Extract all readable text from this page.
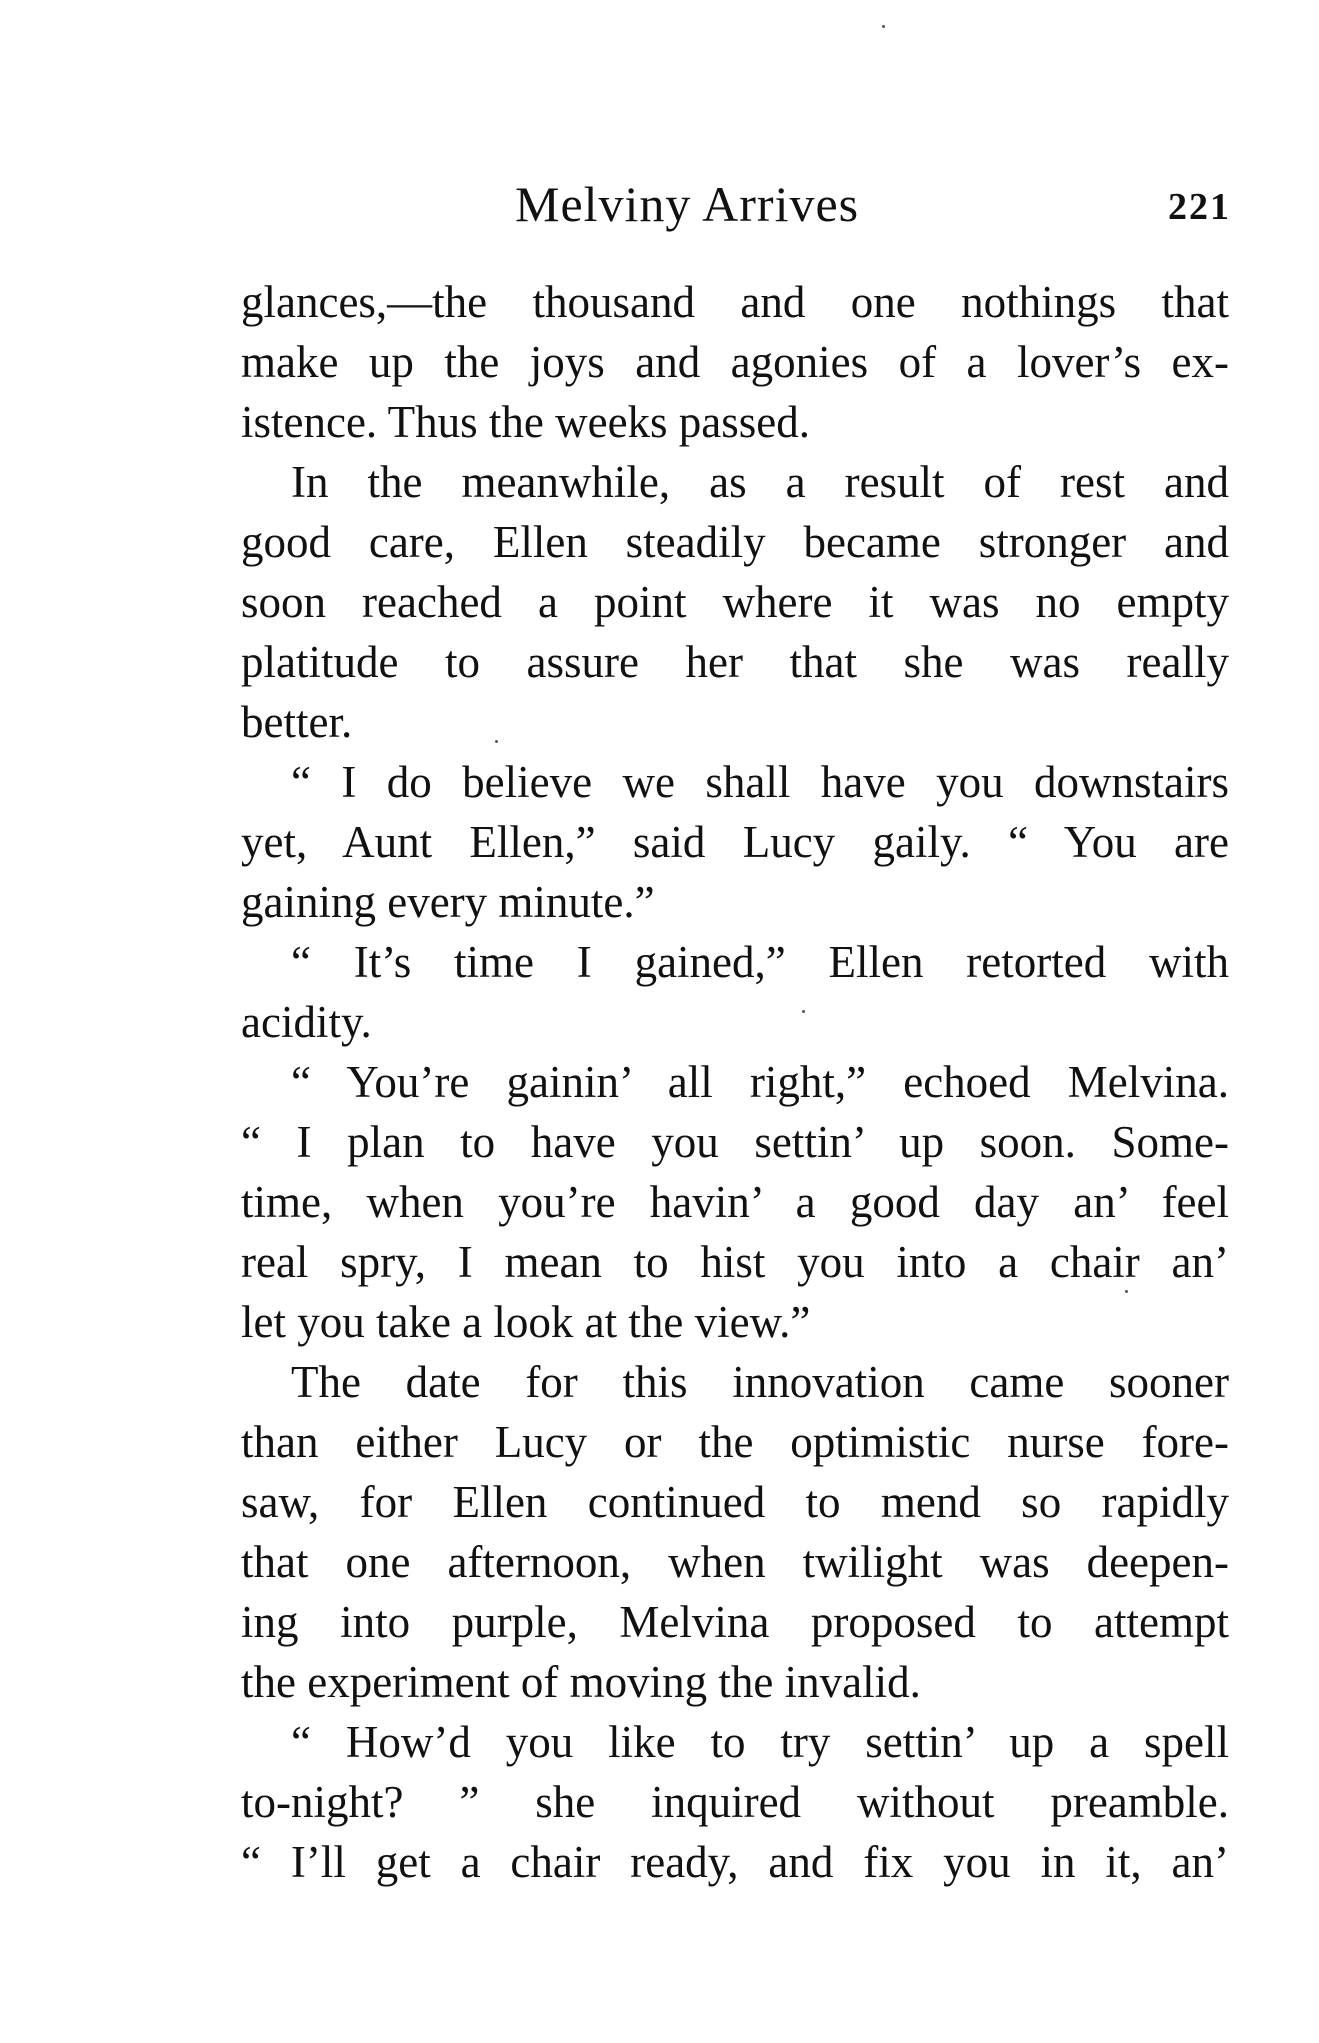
Melviny Arrives	221
glances,—the thousand and one nothings that
make up the joys and agonies of a lover’s ex-
istence. Thus the weeks passed.
In the meanwhile, as a result of rest and
good care, Ellen steadily became stronger and
soon reached a point where it was no empty
platitude to assure her that she was really
better.
“ I do believe we shall have you downstairs
yet, Aunt Ellen,” said Lucy gaily. “ You are
gaining every minute.”
“ It’s time I gained,” Ellen retorted with
acidity.
“ You’re gainin’ all right,” echoed Melvina.
“ I plan to have you settin’ up soon. Some-
time, when you’re havin’ a good day an’ feel
real spry, I mean to hist you into a chair an’
let you take a look at the view.”
The date for this innovation came sooner
than either Lucy or the optimistic nurse fore-
saw, for Ellen continued to mend so rapidly
that one afternoon, when twilight was deepen-
ing into purple, Melvina proposed to attempt
the experiment of moving the invalid.
“ How’d you like to try settin’ up a spell
to-night? ” she inquired without preamble.
“ I’ll get a chair ready, and fix you in it, an’
